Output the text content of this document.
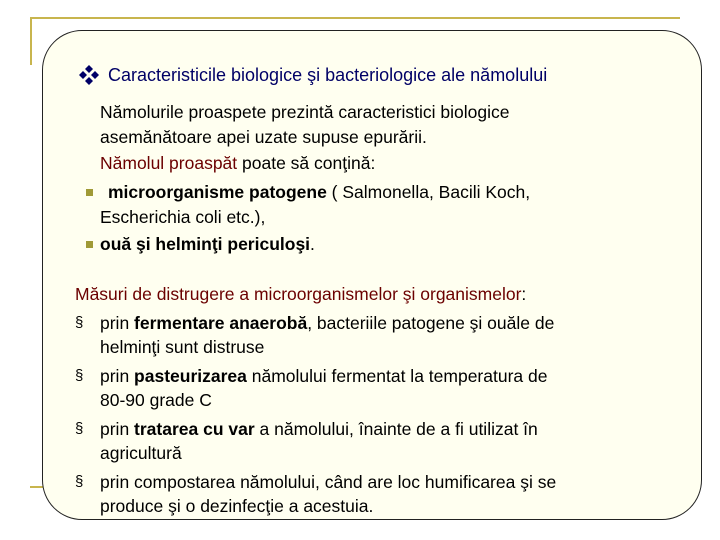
Caracteristicile biologice şi bacteriologice ale nămolului
Nămolurile proaspete prezintă caracteristici biologice
asemănătoare apei uzate supuse epurării.
Nămolul proaspăt poate să conţină:
microorganisme patogene ( Salmonella, Bacili Koch,
Escherichia coli etc.),
ouă şi helminţi periculoşi.
Măsuri de distrugere a microorganismelor şi organismelor:
§ prin fermentare anaerobă, bacteriile patogene şi ouăle de
helminţi sunt distruse
§ prin pasteurizarea nămolului fermentat la temperatura de
80-90 grade C
§ prin tratarea cu var a nămolului, înainte de a fi utilizat în
agricultură
§ prin compostarea nămolului, când are loc humificarea şi se
produce şi o dezinfecţie a acestuia.
